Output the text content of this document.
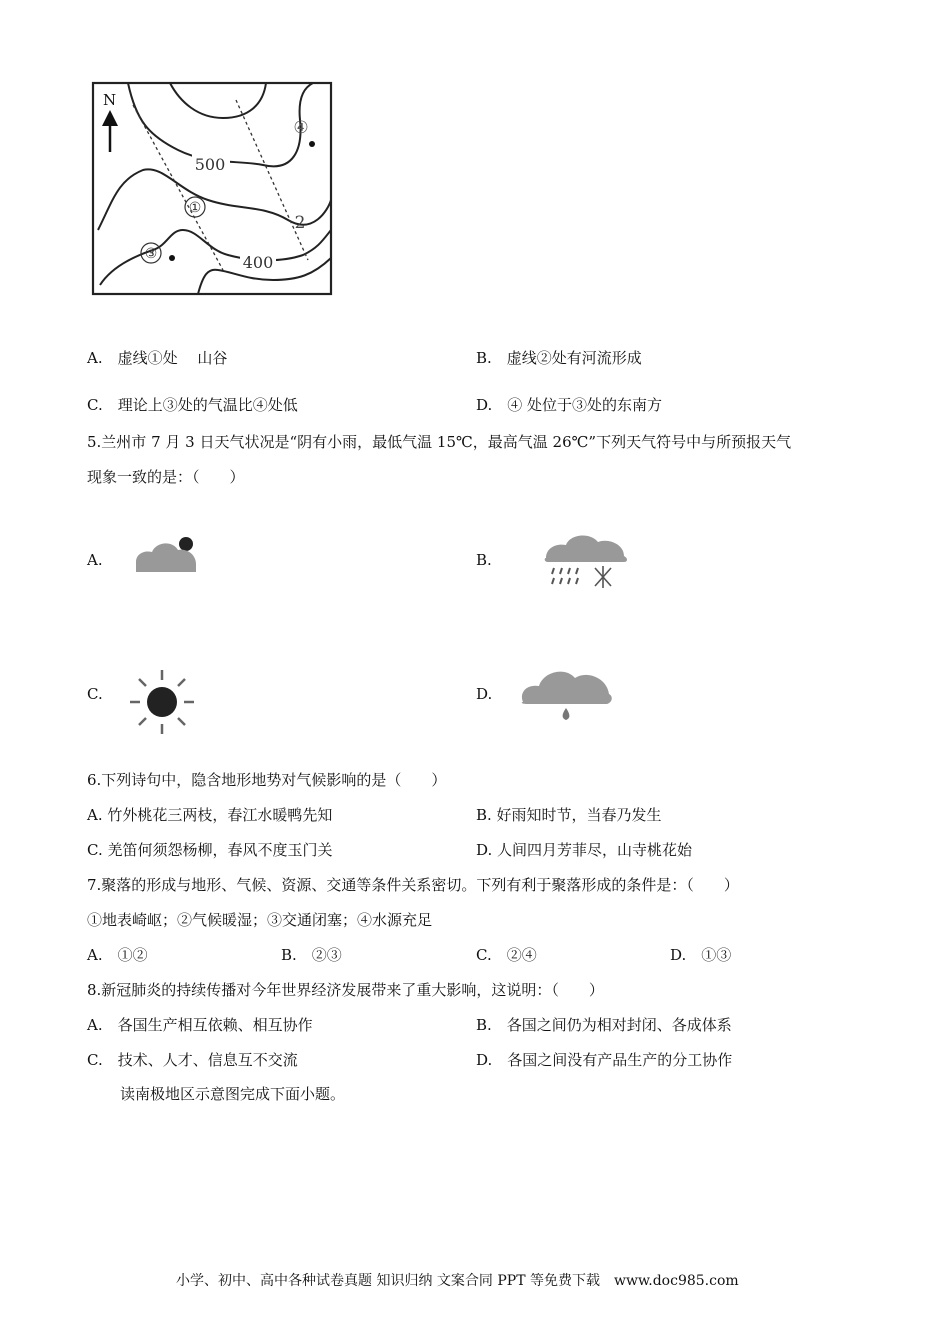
N
①
2
③
④
500
400
A.　虚线①处　 山谷	B.　虚线②处有河流形成
C.　理论上③处的气温比④处低	D.　④ 处位于③处的东南方
5.兰州市 7 月 3 日天气状况是“阴有小雨，最低气温 15℃，最高气温 26℃”下列天气符号中与所预报天气
现象一致的是：（　　）
A.	B.
C.	D.
6.下列诗句中，隐含地形地势对气候影响的是（　　）
A. 竹外桃花三两枝，春江水暖鸭先知	B. 好雨知时节，当春乃发生
C. 羌笛何须怨杨柳，春风不度玉门关	D. 人间四月芳菲尽，山寺桃花始
7.聚落的形成与地形、气候、资源、交通等条件关系密切。下列有利于聚落形成的条件是：（　　）
①地表崎岖；②气候暖湿；③交通闭塞；④水源充足
A.　①②	B.　②③	C.　②④	D.　①③
8.新冠肺炎的持续传播对今年世界经济发展带来了重大影响，这说明：（　　）
A.　各国生产相互依赖、相互协作	B.　各国之间仍为相对封闭、各成体系
C.　技术、人才、信息互不交流	D.　各国之间没有产品生产的分工协作
读南极地区示意图完成下面小题。
小学、初中、高中各种试卷真题 知识归纳 文案合同 PPT 等免费下载　www.doc985.com
